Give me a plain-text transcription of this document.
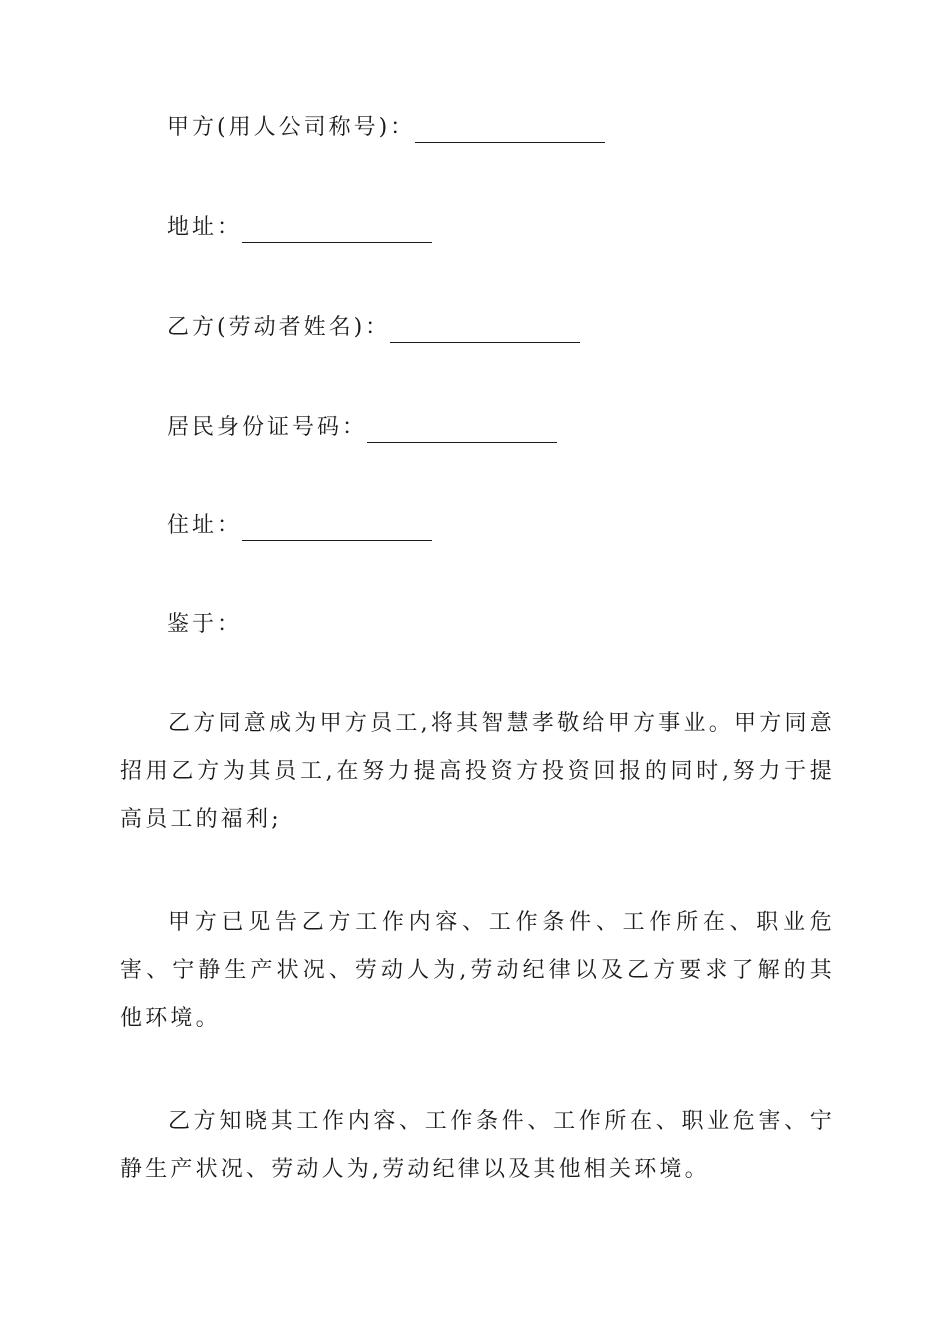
甲方(用人公司称号)：
地址：
乙方(劳动者姓名)：
居民身份证号码：
住址：
鉴于：

乙方同意成为甲方员工,将其智慧孝敬给甲方事业。甲方同意招用乙方为其员工,在努力提高投资方投资回报的同时,努力于提高员工的福利;

甲方已见告乙方工作内容、工作条件、工作所在、职业危害、宁静生产状况、劳动人为,劳动纪律以及乙方要求了解的其他环境。

乙方知晓其工作内容、工作条件、工作所在、职业危害、宁静生产状况、劳动人为,劳动纪律以及其他相关环境。
